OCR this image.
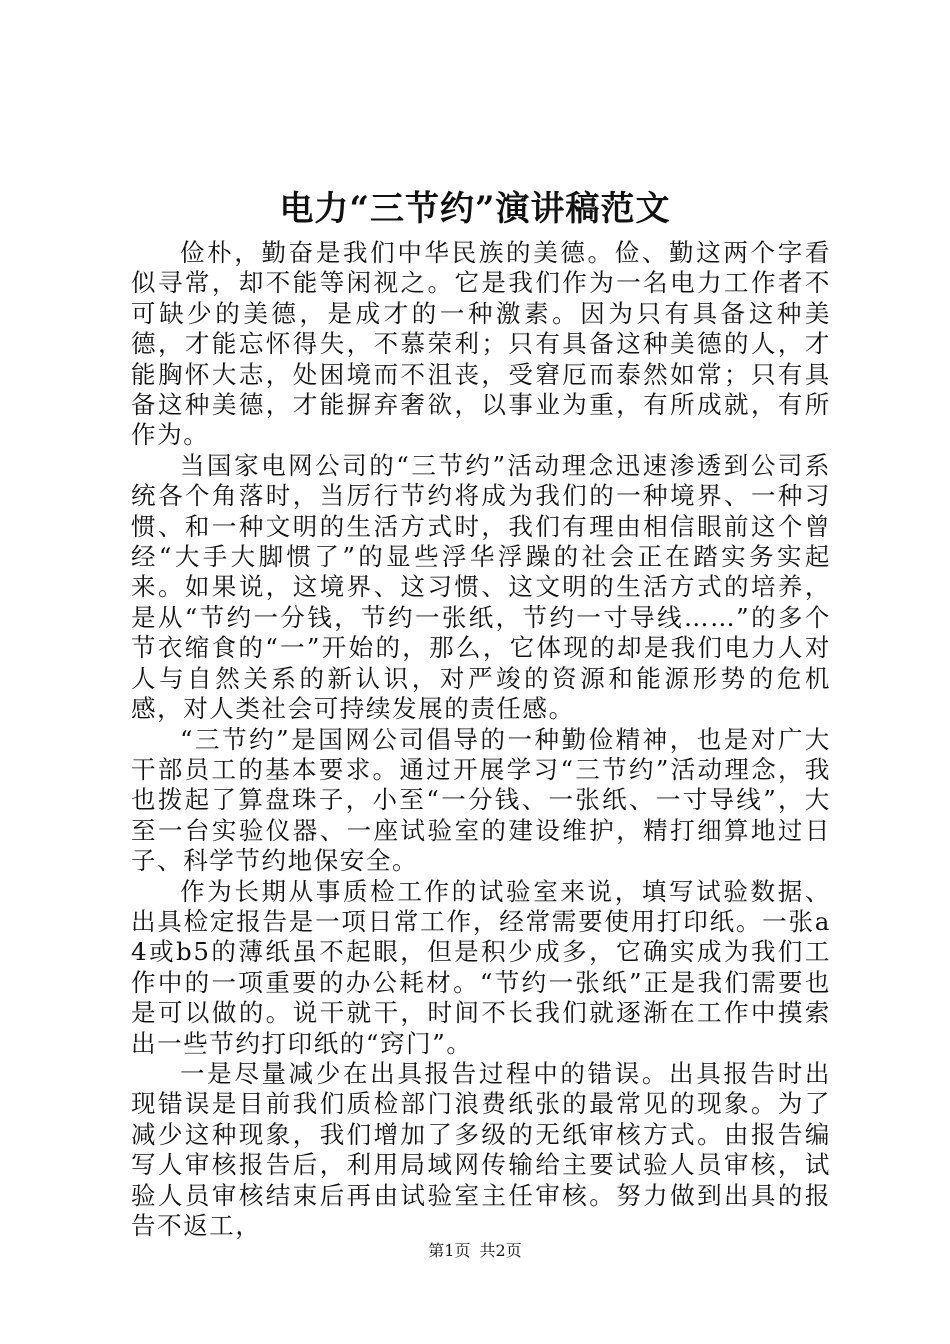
电力“三节约”演讲稿范文

俭朴，勤奋是我们中华民族的美德。俭、勤这两个字看似寻常，却不能等闲视之。它是我们作为一名电力工作者不可缺少的美德，是成才的一种激素。因为只有具备这种美德，才能忘怀得失，不慕荣利；只有具备这种美德的人，才能胸怀大志，处困境而不沮丧，受窘厄而泰然如常；只有具备这种美德，才能摒弃奢欲，以事业为重，有所成就，有所作为。

当国家电网公司的“三节约”活动理念迅速渗透到公司系统各个角落时，当厉行节约将成为我们的一种境界、一种习惯、和一种文明的生活方式时，我们有理由相信眼前这个曾经“大手大脚惯了”的显些浮华浮躁的社会正在踏实务实起来。如果说，这境界、这习惯、这文明的生活方式的培养，是从“节约一分钱，节约一张纸，节约一寸导线……”的多个节衣缩食的“一”开始的，那么，它体现的却是我们电力人对人与自然关系的新认识，对严竣的资源和能源形势的危机感，对人类社会可持续发展的责任感。

“三节约”是国网公司倡导的一种勤俭精神，也是对广大干部员工的基本要求。通过开展学习“三节约”活动理念，我也拨起了算盘珠子，小至“一分钱、一张纸、一寸导线”，大至一台实验仪器、一座试验室的建设维护，精打细算地过日子、科学节约地保安全。

作为长期从事质检工作的试验室来说，填写试验数据、出具检定报告是一项日常工作，经常需要使用打印纸。一张a4或b5的薄纸虽不起眼，但是积少成多，它确实成为我们工作中的一项重要的办公耗材。“节约一张纸”正是我们需要也是可以做的。说干就干，时间不长我们就逐渐在工作中摸索出一些节约打印纸的“窍门”。

一是尽量减少在出具报告过程中的错误。出具报告时出现错误是目前我们质检部门浪费纸张的最常见的现象。为了减少这种现象，我们增加了多级的无纸审核方式。由报告编写人审核报告后，利用局域网传输给主要试验人员审核，试验人员审核结束后再由试验室主任审核。努力做到出具的报告不返工，

第1页 共2页
